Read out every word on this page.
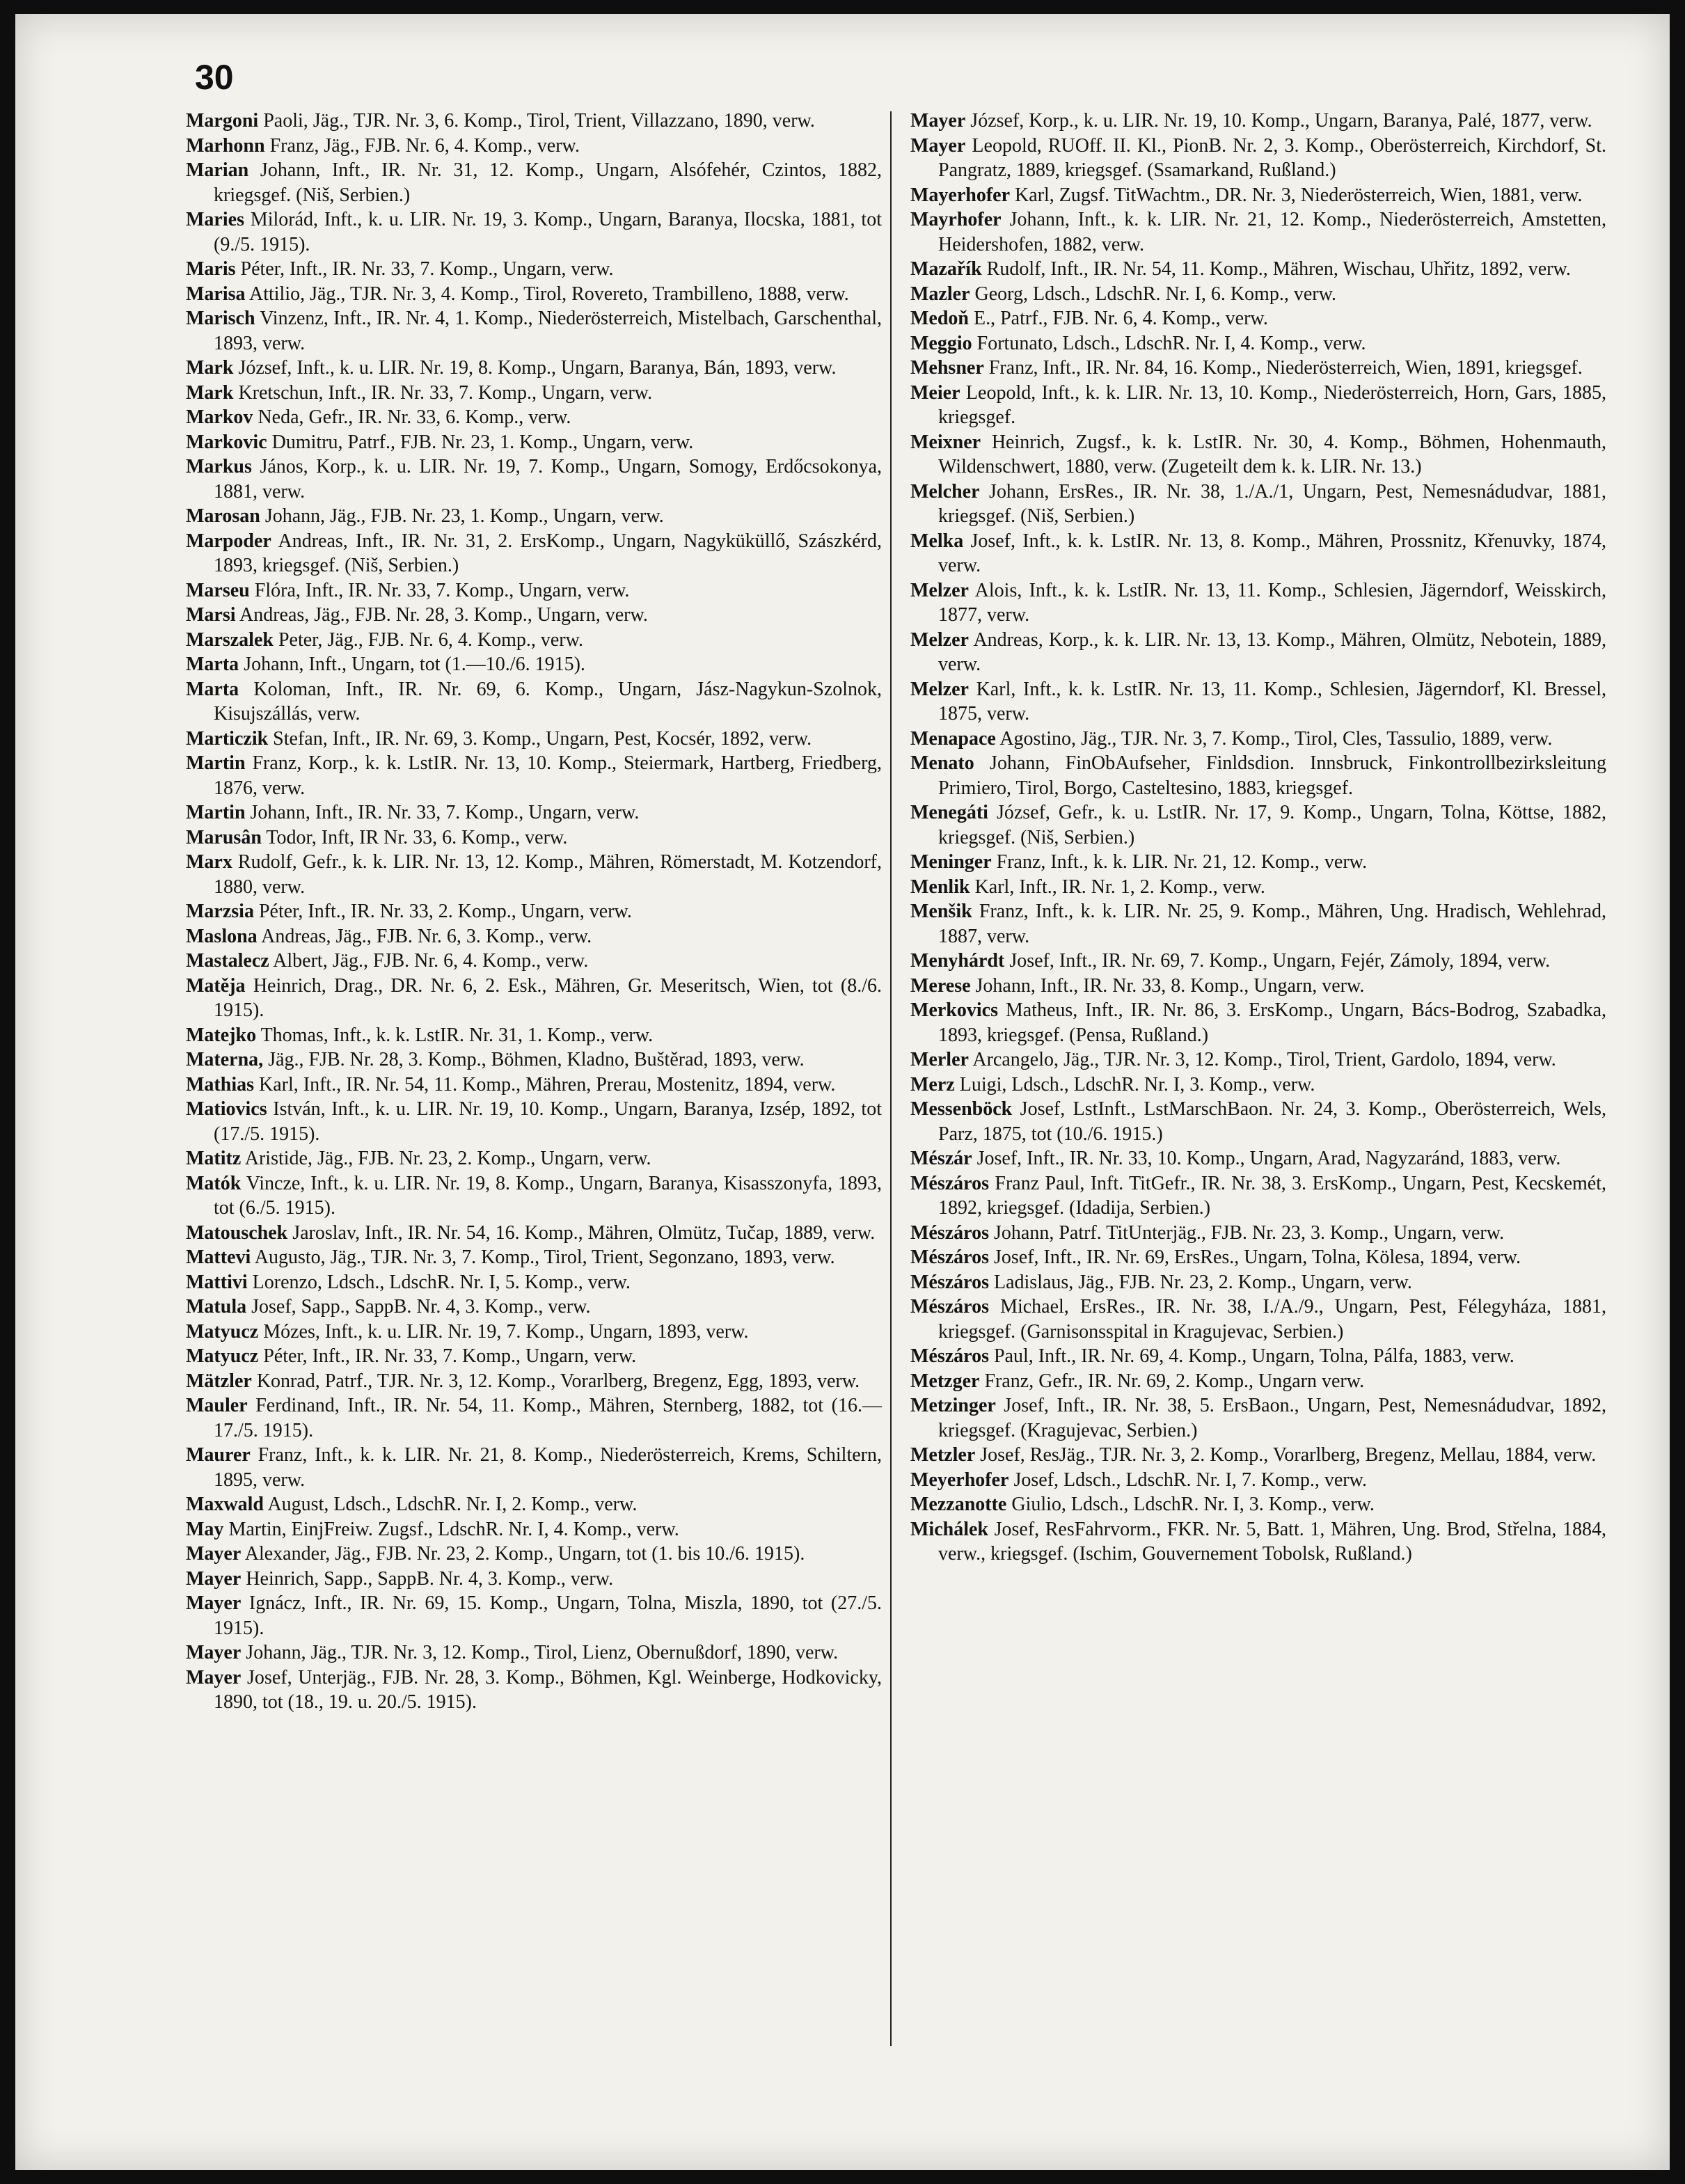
30

Margoni Paoli, Jäg., TJR. Nr. 3, 6. Komp., Tirol, Trient, Villazzano, 1890, verw.

Marhonn Franz, Jäg., FJB. Nr. 6, 4. Komp., verw.

Marian Johann, Inft., IR. Nr. 31, 12. Komp., Ungarn, Alsófehér, Czintos, 1882, kriegsgef. (Niš, Serbien.)

Maries Milorád, Inft., k. u. LIR. Nr. 19, 3. Komp., Ungarn, Baranya, Ilocska, 1881, tot (9./5. 1915).

Maris Péter, Inft., IR. Nr. 33, 7. Komp., Ungarn, verw.

Marisa Attilio, Jäg., TJR. Nr. 3, 4. Komp., Tirol, Rovereto, Trambilleno, 1888, verw.

Marisch Vinzenz, Inft., IR. Nr. 4, 1. Komp., Niederösterreich, Mistelbach, Garschenthal, 1893, verw.

Mark József, Inft., k. u. LIR. Nr. 19, 8. Komp., Ungarn, Baranya, Bán, 1893, verw.

Mark Kretschun, Inft., IR. Nr. 33, 7. Komp., Ungarn, verw.

Markov Neda, Gefr., IR. Nr. 33, 6. Komp., verw.

Markovic Dumitru, Patrf., FJB. Nr. 23, 1. Komp., Ungarn, verw.

Markus János, Korp., k. u. LIR. Nr. 19, 7. Komp., Ungarn, Somogy, Erdőcsokonya, 1881, verw.

Marosan Johann, Jäg., FJB. Nr. 23, 1. Komp., Ungarn, verw.

Marpoder Andreas, Inft., IR. Nr. 31, 2. ErsKomp., Ungarn, Nagyküküllő, Szászkérd, 1893, kriegsgef. (Niš, Serbien.)

Marseu Flóra, Inft., IR. Nr. 33, 7. Komp., Ungarn, verw.

Marsi Andreas, Jäg., FJB. Nr. 28, 3. Komp., Ungarn, verw.

Marszalek Peter, Jäg., FJB. Nr. 6, 4. Komp., verw.

Marta Johann, Inft., Ungarn, tot (1.—10./6. 1915).

Marta Koloman, Inft., IR. Nr. 69, 6. Komp., Ungarn, Jász-Nagykun-Szolnok, Kisujszállás, verw.

Marticzik Stefan, Inft., IR. Nr. 69, 3. Komp., Ungarn, Pest, Kocsér, 1892, verw.

Martin Franz, Korp., k. k. LstIR. Nr. 13, 10. Komp., Steiermark, Hartberg, Friedberg, 1876, verw.

Martin Johann, Inft., IR. Nr. 33, 7. Komp., Ungarn, verw.

Marusân Todor, Inft, IR Nr. 33, 6. Komp., verw.

Marx Rudolf, Gefr., k. k. LIR. Nr. 13, 12. Komp., Mähren, Römerstadt, M. Kotzendorf, 1880, verw.

Marzsia Péter, Inft., IR. Nr. 33, 2. Komp., Ungarn, verw.

Maslona Andreas, Jäg., FJB. Nr. 6, 3. Komp., verw.

Mastalecz Albert, Jäg., FJB. Nr. 6, 4. Komp., verw.

Matěja Heinrich, Drag., DR. Nr. 6, 2. Esk., Mähren, Gr. Meseritsch, Wien, tot (8./6. 1915).

Matejko Thomas, Inft., k. k. LstIR. Nr. 31, 1. Komp., verw.

Materna, Jäg., FJB. Nr. 28, 3. Komp., Böhmen, Kladno, Buštěrad, 1893, verw.

Mathias Karl, Inft., IR. Nr. 54, 11. Komp., Mähren, Prerau, Mostenitz, 1894, verw.

Matiovics István, Inft., k. u. LIR. Nr. 19, 10. Komp., Ungarn, Baranya, Izsép, 1892, tot (17./5. 1915).

Matitz Aristide, Jäg., FJB. Nr. 23, 2. Komp., Ungarn, verw.

Matók Vincze, Inft., k. u. LIR. Nr. 19, 8. Komp., Ungarn, Baranya, Kisasszonyfa, 1893, tot (6./5. 1915).

Matouschek Jaroslav, Inft., IR. Nr. 54, 16. Komp., Mähren, Olmütz, Tučap, 1889, verw.

Mattevi Augusto, Jäg., TJR. Nr. 3, 7. Komp., Tirol, Trient, Segonzano, 1893, verw.

Mattivi Lorenzo, Ldsch., LdschR. Nr. I, 5. Komp., verw.

Matula Josef, Sapp., SappB. Nr. 4, 3. Komp., verw.

Matyucz Mózes, Inft., k. u. LIR. Nr. 19, 7. Komp., Ungarn, 1893, verw.

Matyucz Péter, Inft., IR. Nr. 33, 7. Komp., Ungarn, verw.

Mätzler Konrad, Patrf., TJR. Nr. 3, 12. Komp., Vorarlberg, Bregenz, Egg, 1893, verw.

Mauler Ferdinand, Inft., IR. Nr. 54, 11. Komp., Mähren, Sternberg, 1882, tot (16.—17./5. 1915).

Maurer Franz, Inft., k. k. LIR. Nr. 21, 8. Komp., Niederösterreich, Krems, Schiltern, 1895, verw.

Maxwald August, Ldsch., LdschR. Nr. I, 2. Komp., verw.

May Martin, EinjFreiw. Zugsf., LdschR. Nr. I, 4. Komp., verw.

Mayer Alexander, Jäg., FJB. Nr. 23, 2. Komp., Ungarn, tot (1. bis 10./6. 1915).

Mayer Heinrich, Sapp., SappB. Nr. 4, 3. Komp., verw.

Mayer Ignácz, Inft., IR. Nr. 69, 15. Komp., Ungarn, Tolna, Miszla, 1890, tot (27./5. 1915).

Mayer Johann, Jäg., TJR. Nr. 3, 12. Komp., Tirol, Lienz, Obernußdorf, 1890, verw.

Mayer Josef, Unterjäg., FJB. Nr. 28, 3. Komp., Böhmen, Kgl. Weinberge, Hodkovicky, 1890, tot (18., 19. u. 20./5. 1915).

Mayer József, Korp., k. u. LIR. Nr. 19, 10. Komp., Ungarn, Baranya, Palé, 1877, verw.

Mayer Leopold, RUOff. II. Kl., PionB. Nr. 2, 3. Komp., Oberösterreich, Kirchdorf, St. Pangratz, 1889, kriegsgef. (Ssamarkand, Rußland.)

Mayerhofer Karl, Zugsf. TitWachtm., DR. Nr. 3, Niederösterreich, Wien, 1881, verw.

Mayrhofer Johann, Inft., k. k. LIR. Nr. 21, 12. Komp., Niederösterreich, Amstetten, Heidershofen, 1882, verw.

Mazařík Rudolf, Inft., IR. Nr. 54, 11. Komp., Mähren, Wischau, Uhřitz, 1892, verw.

Mazler Georg, Ldsch., LdschR. Nr. I, 6. Komp., verw.

Medoň E., Patrf., FJB. Nr. 6, 4. Komp., verw.

Meggio Fortunato, Ldsch., LdschR. Nr. I, 4. Komp., verw.

Mehsner Franz, Inft., IR. Nr. 84, 16. Komp., Niederösterreich, Wien, 1891, kriegsgef.

Meier Leopold, Inft., k. k. LIR. Nr. 13, 10. Komp., Niederösterreich, Horn, Gars, 1885, kriegsgef.

Meixner Heinrich, Zugsf., k. k. LstIR. Nr. 30, 4. Komp., Böhmen, Hohenmauth, Wildenschwert, 1880, verw. (Zugeteilt dem k. k. LIR. Nr. 13.)

Melcher Johann, ErsRes., IR. Nr. 38, 1./A./1, Ungarn, Pest, Nemesnádudvar, 1881, kriegsgef. (Niš, Serbien.)

Melka Josef, Inft., k. k. LstIR. Nr. 13, 8. Komp., Mähren, Prossnitz, Křenuvky, 1874, verw.

Melzer Alois, Inft., k. k. LstIR. Nr. 13, 11. Komp., Schlesien, Jägerndorf, Weisskirch, 1877, verw.

Melzer Andreas, Korp., k. k. LIR. Nr. 13, 13. Komp., Mähren, Olmütz, Nebotein, 1889, verw.

Melzer Karl, Inft., k. k. LstIR. Nr. 13, 11. Komp., Schlesien, Jägerndorf, Kl. Bressel, 1875, verw.

Menapace Agostino, Jäg., TJR. Nr. 3, 7. Komp., Tirol, Cles, Tassulio, 1889, verw.

Menato Johann, FinObAufseher, Finldsdion. Innsbruck, Finkontrollbezirksleitung Primiero, Tirol, Borgo, Casteltesino, 1883, kriegsgef.

Menegáti József, Gefr., k. u. LstIR. Nr. 17, 9. Komp., Ungarn, Tolna, Köttse, 1882, kriegsgef. (Niš, Serbien.)

Meninger Franz, Inft., k. k. LIR. Nr. 21, 12. Komp., verw.

Menlik Karl, Inft., IR. Nr. 1, 2. Komp., verw.

Menšik Franz, Inft., k. k. LIR. Nr. 25, 9. Komp., Mähren, Ung. Hradisch, Wehlehrad, 1887, verw.

Menyhárdt Josef, Inft., IR. Nr. 69, 7. Komp., Ungarn, Fejér, Zámoly, 1894, verw.

Merese Johann, Inft., IR. Nr. 33, 8. Komp., Ungarn, verw.

Merkovics Matheus, Inft., IR. Nr. 86, 3. ErsKomp., Ungarn, Bács-Bodrog, Szabadka, 1893, kriegsgef. (Pensa, Rußland.)

Merler Arcangelo, Jäg., TJR. Nr. 3, 12. Komp., Tirol, Trient, Gardolo, 1894, verw.

Merz Luigi, Ldsch., LdschR. Nr. I, 3. Komp., verw.

Messenböck Josef, LstInft., LstMarschBaon. Nr. 24, 3. Komp., Oberösterreich, Wels, Parz, 1875, tot (10./6. 1915.)

Mészár Josef, Inft., IR. Nr. 33, 10. Komp., Ungarn, Arad, Nagyzaránd, 1883, verw.

Mészáros Franz Paul, Inft. TitGefr., IR. Nr. 38, 3. ErsKomp., Ungarn, Pest, Kecskemét, 1892, kriegsgef. (Idadija, Serbien.)

Mészáros Johann, Patrf. TitUnterjäg., FJB. Nr. 23, 3. Komp., Ungarn, verw.

Mészáros Josef, Inft., IR. Nr. 69, ErsRes., Ungarn, Tolna, Kölesa, 1894, verw.

Mészáros Ladislaus, Jäg., FJB. Nr. 23, 2. Komp., Ungarn, verw.

Mészáros Michael, ErsRes., IR. Nr. 38, I./A./9., Ungarn, Pest, Félegyháza, 1881, kriegsgef. (Garnisonsspital in Kragujevac, Serbien.)

Mészáros Paul, Inft., IR. Nr. 69, 4. Komp., Ungarn, Tolna, Pálfa, 1883, verw.

Metzger Franz, Gefr., IR. Nr. 69, 2. Komp., Ungarn verw.

Metzinger Josef, Inft., IR. Nr. 38, 5. ErsBaon., Ungarn, Pest, Nemesnádudvar, 1892, kriegsgef. (Kragujevac, Serbien.)

Metzler Josef, ResJäg., TJR. Nr. 3, 2. Komp., Vorarlberg, Bregenz, Mellau, 1884, verw.

Meyerhofer Josef, Ldsch., LdschR. Nr. I, 7. Komp., verw.

Mezzanotte Giulio, Ldsch., LdschR. Nr. I, 3. Komp., verw.

Michálek Josef, ResFahrvorm., FKR. Nr. 5, Batt. 1, Mähren, Ung. Brod, Střelna, 1884, verw., kriegsgef. (Ischim, Gouvernement Tobolsk, Rußland.)
